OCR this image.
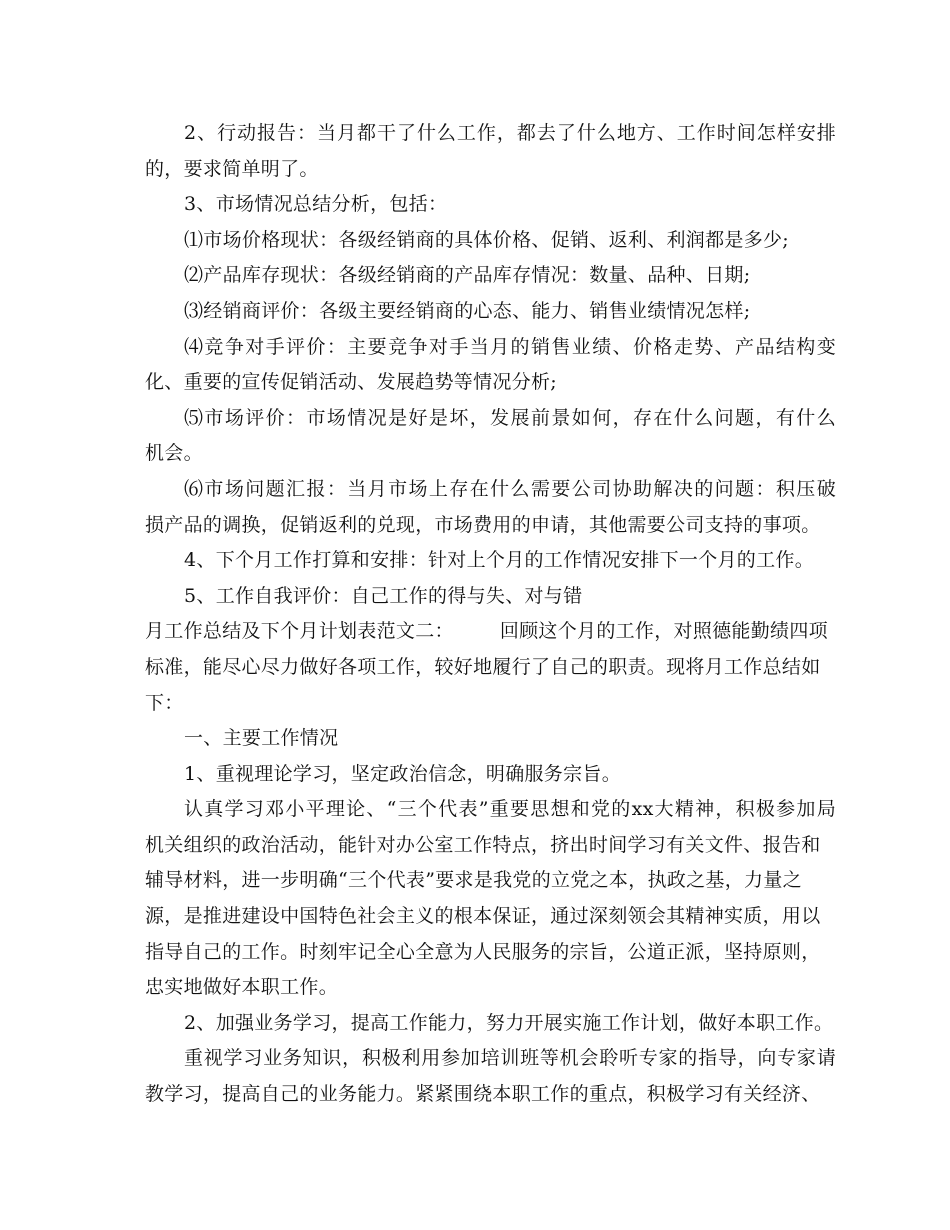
2、行动报告：当月都干了什么工作，都去了什么地方、工作时间怎样安排
的，要求简单明了。
3、市场情况总结分析，包括：
⑴市场价格现状：各级经销商的具体价格、促销、返利、利润都是多少;
⑵产品库存现状：各级经销商的产品库存情况：数量、品种、日期;
⑶经销商评价：各级主要经销商的心态、能力、销售业绩情况怎样;
⑷竞争对手评价：主要竞争对手当月的销售业绩、价格走势、产品结构变
化、重要的宣传促销活动、发展趋势等情况分析;
⑸市场评价：市场情况是好是坏，发展前景如何，存在什么问题，有什么
机会。
⑹市场问题汇报：当月市场上存在什么需要公司协助解决的问题：积压破
损产品的调换，促销返利的兑现，市场费用的申请，其他需要公司支持的事项。
4、下个月工作打算和安排：针对上个月的工作情况安排下一个月的工作。
5、工作自我评价：自己工作的得与失、对与错
月工作总结及下个月计划表范文二： 回顾这个月的工作，对照德能勤绩四项
标准，能尽心尽力做好各项工作，较好地履行了自己的职责。现将月工作总结如
下：
一、主要工作情况
1、重视理论学习，坚定政治信念，明确服务宗旨。
认真学习邓小平理论、“三个代表”重要思想和党的xx大精神，积极参加局
机关组织的政治活动，能针对办公室工作特点，挤出时间学习有关文件、报告和
辅导材料，进一步明确“三个代表”要求是我党的立党之本，执政之基，力量之
源，是推进建设中国特色社会主义的根本保证，通过深刻领会其精神实质，用以
指导自己的工作。时刻牢记全心全意为人民服务的宗旨，公道正派，坚持原则，
忠实地做好本职工作。
2、加强业务学习，提高工作能力，努力开展实施工作计划，做好本职工作。
重视学习业务知识，积极利用参加培训班等机会聆听专家的指导，向专家请
教学习，提高自己的业务能力。紧紧围绕本职工作的重点，积极学习有关经济、
